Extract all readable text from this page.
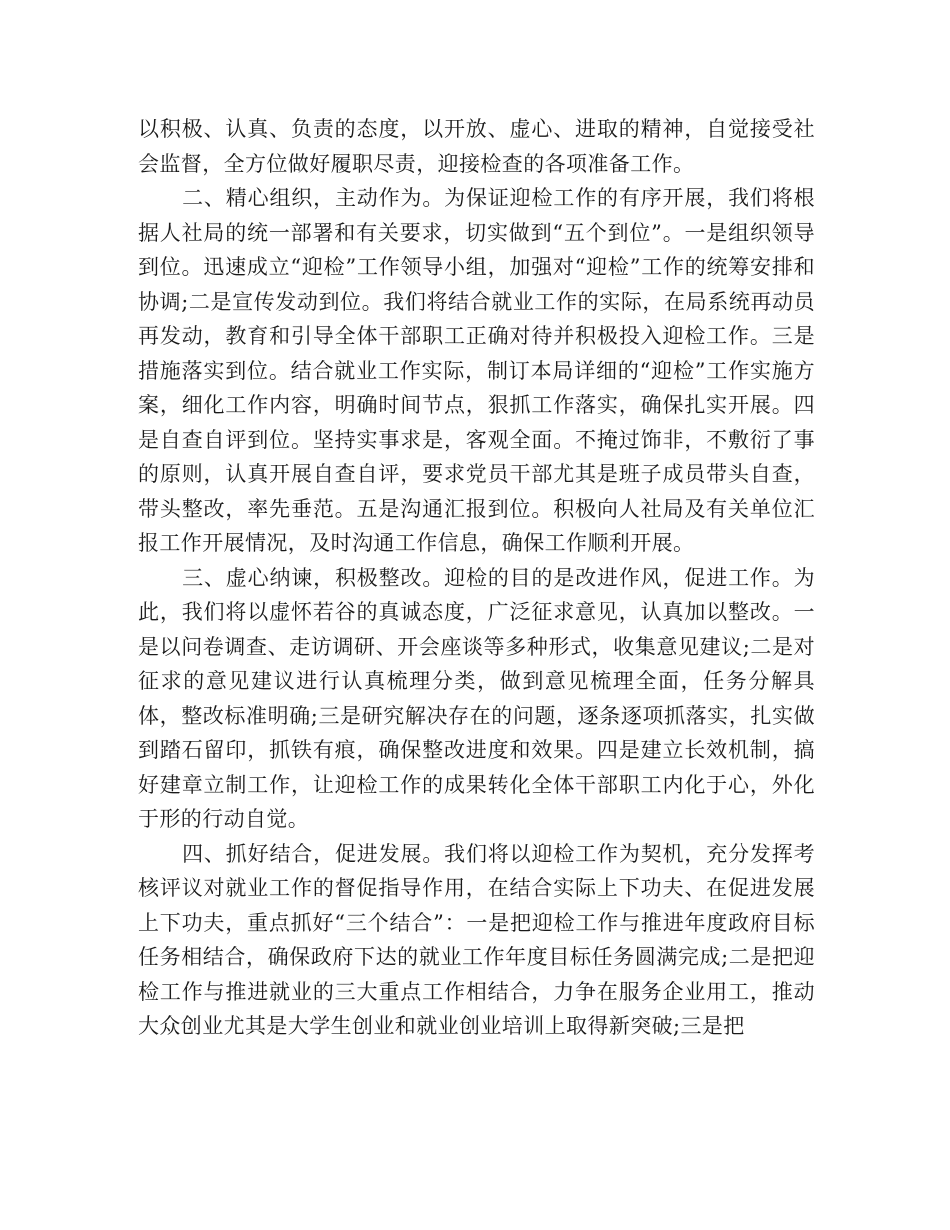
以积极、认真、负责的态度，以开放、虚心、进取的精神，自觉接受社会监督，全方位做好履职尽责，迎接检查的各项准备工作。

二、精心组织，主动作为。为保证迎检工作的有序开展，我们将根据人社局的统一部署和有关要求，切实做到“五个到位”。一是组织领导到位。迅速成立“迎检”工作领导小组，加强对“迎检”工作的统筹安排和协调;二是宣传发动到位。我们将结合就业工作的实际，在局系统再动员再发动，教育和引导全体干部职工正确对待并积极投入迎检工作。三是措施落实到位。结合就业工作实际，制订本局详细的“迎检”工作实施方案，细化工作内容，明确时间节点，狠抓工作落实，确保扎实开展。四是自查自评到位。坚持实事求是，客观全面。不掩过饰非，不敷衍了事的原则，认真开展自查自评，要求党员干部尤其是班子成员带头自查，带头整改，率先垂范。五是沟通汇报到位。积极向人社局及有关单位汇报工作开展情况，及时沟通工作信息，确保工作顺利开展。

三、虚心纳谏，积极整改。迎检的目的是改进作风，促进工作。为此，我们将以虚怀若谷的真诚态度，广泛征求意见，认真加以整改。一是以问卷调查、走访调研、开会座谈等多种形式，收集意见建议;二是对征求的意见建议进行认真梳理分类，做到意见梳理全面，任务分解具体，整改标准明确;三是研究解决存在的问题，逐条逐项抓落实，扎实做到踏石留印，抓铁有痕，确保整改进度和效果。四是建立长效机制，搞好建章立制工作，让迎检工作的成果转化全体干部职工内化于心，外化于形的行动自觉。

四、抓好结合，促进发展。我们将以迎检工作为契机，充分发挥考核评议对就业工作的督促指导作用，在结合实际上下功夫、在促进发展上下功夫，重点抓好“三个结合”：一是把迎检工作与推进年度政府目标任务相结合，确保政府下达的就业工作年度目标任务圆满完成;二是把迎检工作与推进就业的三大重点工作相结合，力争在服务企业用工，推动大众创业尤其是大学生创业和就业创业培训上取得新突破;三是把
